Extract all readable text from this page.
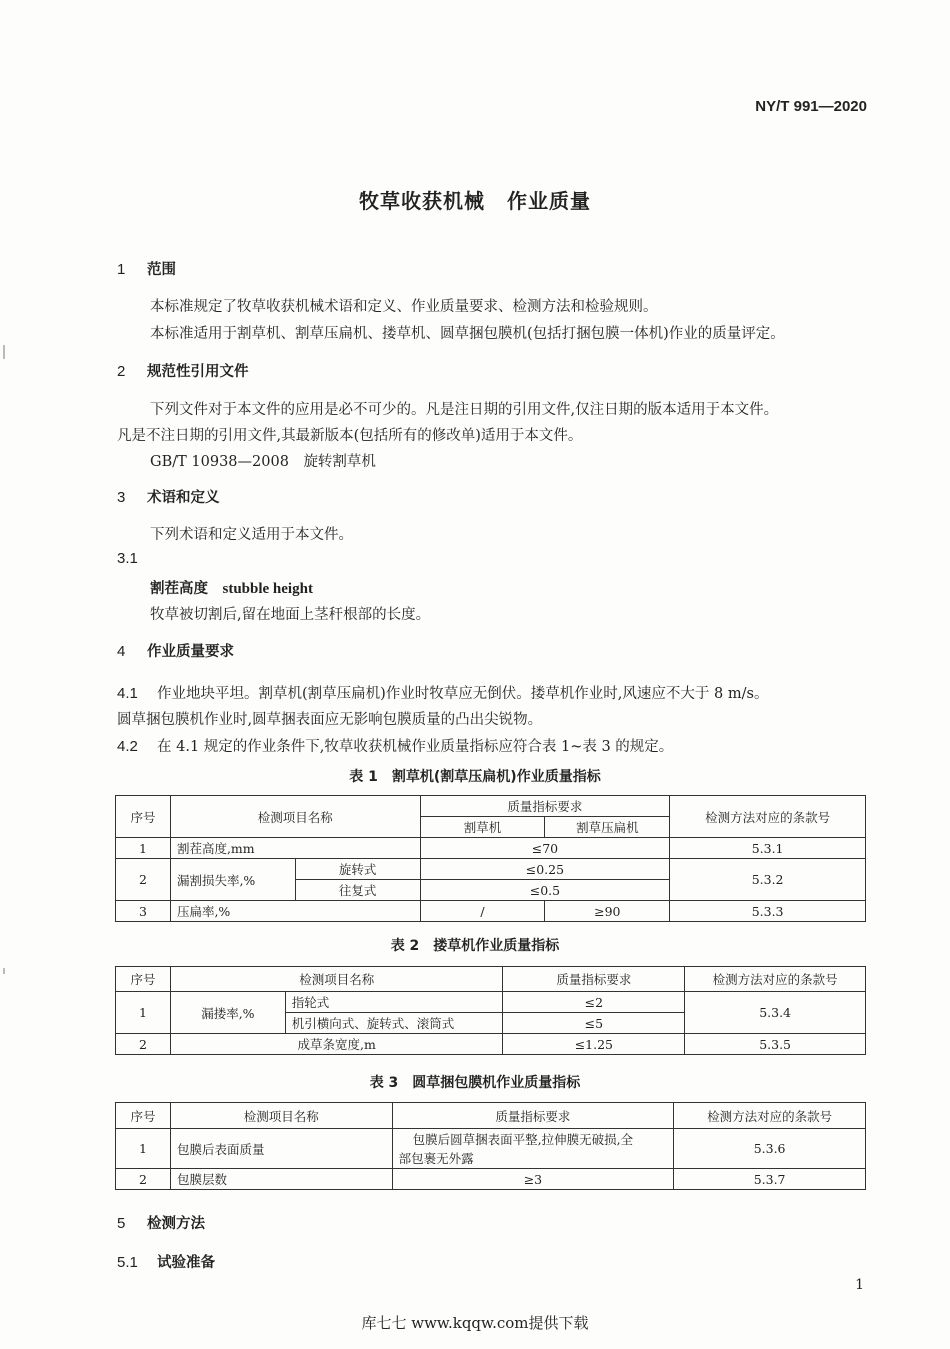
NY/T 991—2020
牧草收获机械 作业质量
1 范围
本标准规定了牧草收获机械术语和定义、作业质量要求、检测方法和检验规则。
本标准适用于割草机、割草压扁机、搂草机、圆草捆包膜机(包括打捆包膜一体机)作业的质量评定。
2 规范性引用文件
下列文件对于本文件的应用是必不可少的。凡是注日期的引用文件,仅注日期的版本适用于本文件。
凡是不注日期的引用文件,其最新版本(包括所有的修改单)适用于本文件。
GB/T 10938—2008　 旋转割草机
3 术语和定义
下列术语和定义适用于本文件。
3.1
割茬高度　 stubble height
牧草被切割后,留在地面上茎秆根部的长度。
4 作业质量要求
4.1 作业地块平坦。割草机(割草压扁机)作业时牧草应无倒伏。搂草机作业时,风速应不大于 8 m/s。
圆草捆包膜机作业时,圆草捆表面应无影响包膜质量的凸出尖锐物。
4.2 在 4.1 规定的作业条件下,牧草收获机械作业质量指标应符合表 1~表 3 的规定。
表 1　割草机(割草压扁机)作业质量指标
序号	检测项目名称		质量指标要求		检测方法对应的条款号
			割草机	割草压扁机	
1	割茬高度,mm		≤70		5.3.1
2	漏割损失率,%	旋转式	≤0.25		5.3.2
		往复式	≤0.5		
3	压扁率,%		/	≥90	5.3.3
表 2　搂草机作业质量指标
序号	检测项目名称		质量指标要求	检测方法对应的条款号
1	漏搂率,%	指轮式	≤2	5.3.4
		机引横向式、旋转式、滚筒式	≤5	
2	成草条宽度,m		≤1.25	5.3.5
表 3　圆草捆包膜机作业质量指标
序号	检测项目名称	质量指标要求	检测方法对应的条款号
1	包膜后表面质量	包膜后圆草捆表面平整,拉伸膜无破损,全
部包裹无外露	5.3.6
2	包膜层数	≥3	5.3.7
5 检测方法
5.1 试验准备
1
库七七 www.kqqw.com提供下载
